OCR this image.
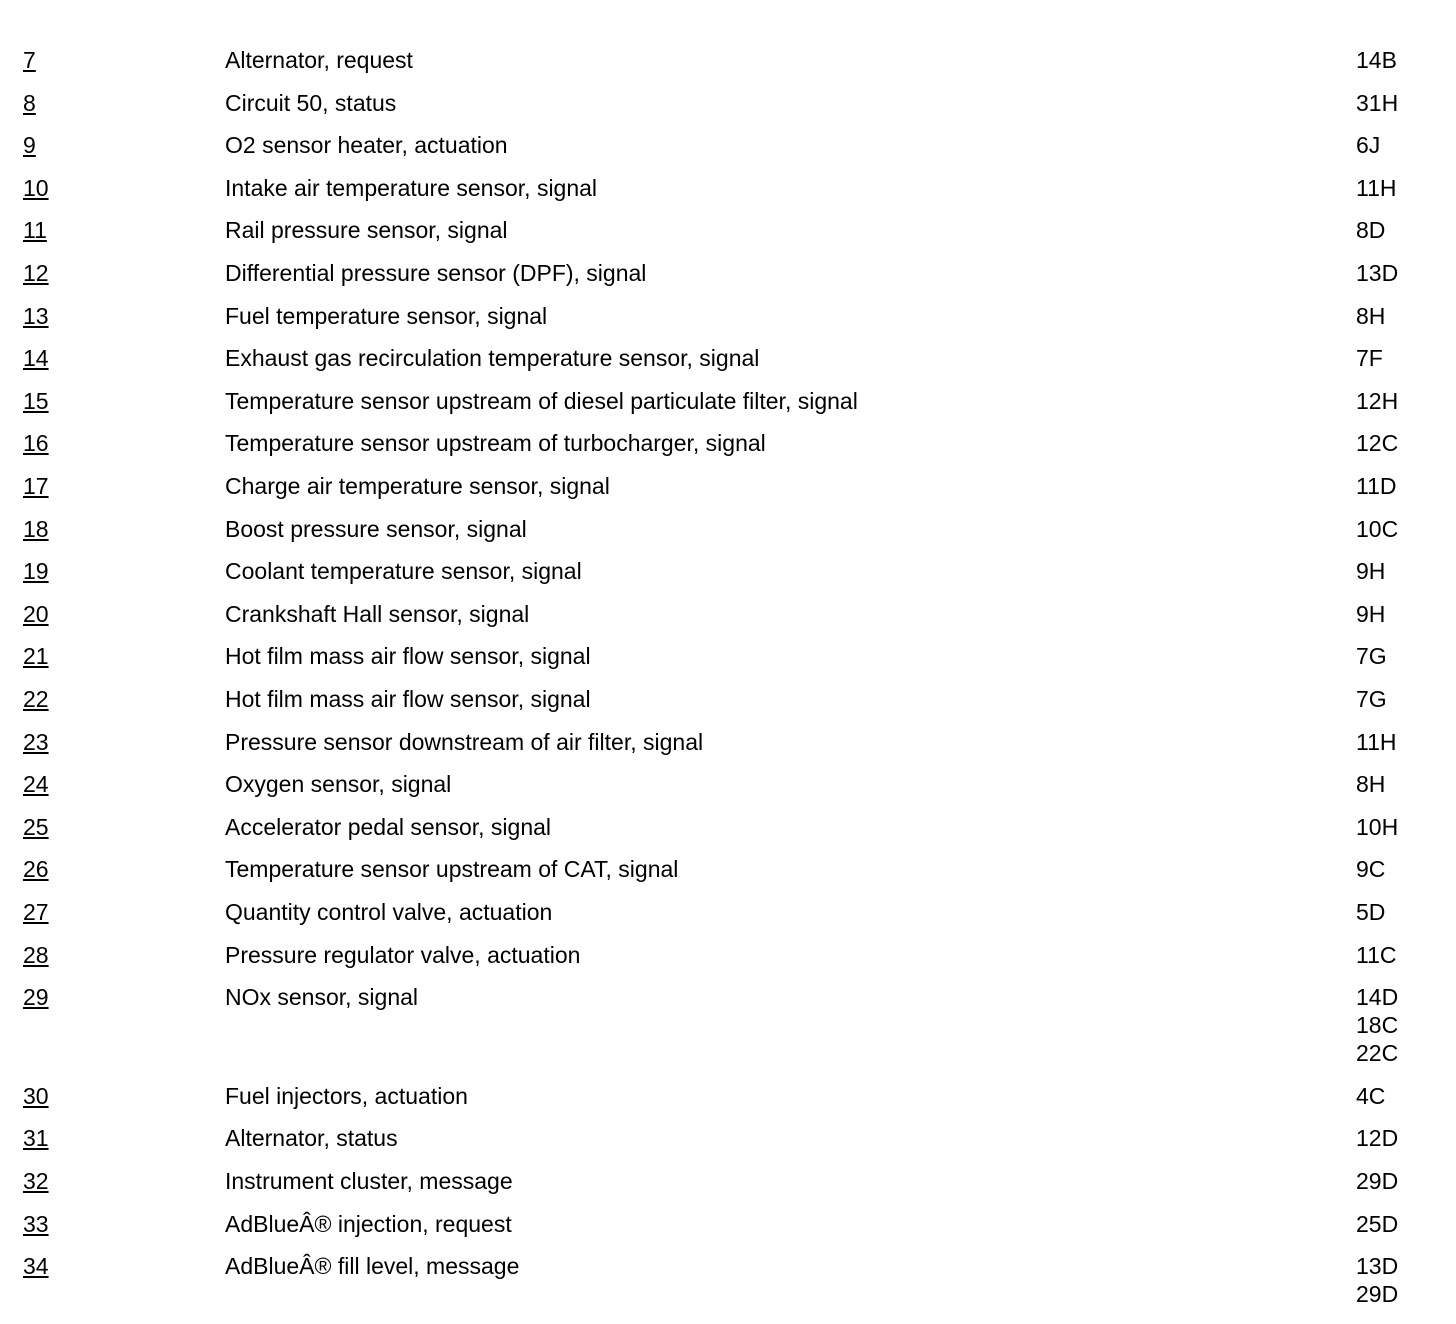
7	Alternator, request	14B
8	Circuit 50, status	31H
9	O2 sensor heater, actuation	6J
10	Intake air temperature sensor, signal	11H
11	Rail pressure sensor, signal	8D
12	Differential pressure sensor (DPF), signal	13D
13	Fuel temperature sensor, signal	8H
14	Exhaust gas recirculation temperature sensor, signal	7F
15	Temperature sensor upstream of diesel particulate filter, signal	12H
16	Temperature sensor upstream of turbocharger, signal	12C
17	Charge air temperature sensor, signal	11D
18	Boost pressure sensor, signal	10C
19	Coolant temperature sensor, signal	9H
20	Crankshaft Hall sensor, signal	9H
21	Hot film mass air flow sensor, signal	7G
22	Hot film mass air flow sensor, signal	7G
23	Pressure sensor downstream of air filter, signal	11H
24	Oxygen sensor, signal	8H
25	Accelerator pedal sensor, signal	10H
26	Temperature sensor upstream of CAT, signal	9C
27	Quantity control valve, actuation	5D
28	Pressure regulator valve, actuation	11C
29	NOx sensor, signal	14D
18C
22C
30	Fuel injectors, actuation	4C
31	Alternator, status	12D
32	Instrument cluster, message	29D
33	AdBlueÂ® injection, request	25D
34	AdBlueÂ® fill level, message	13D
29D
